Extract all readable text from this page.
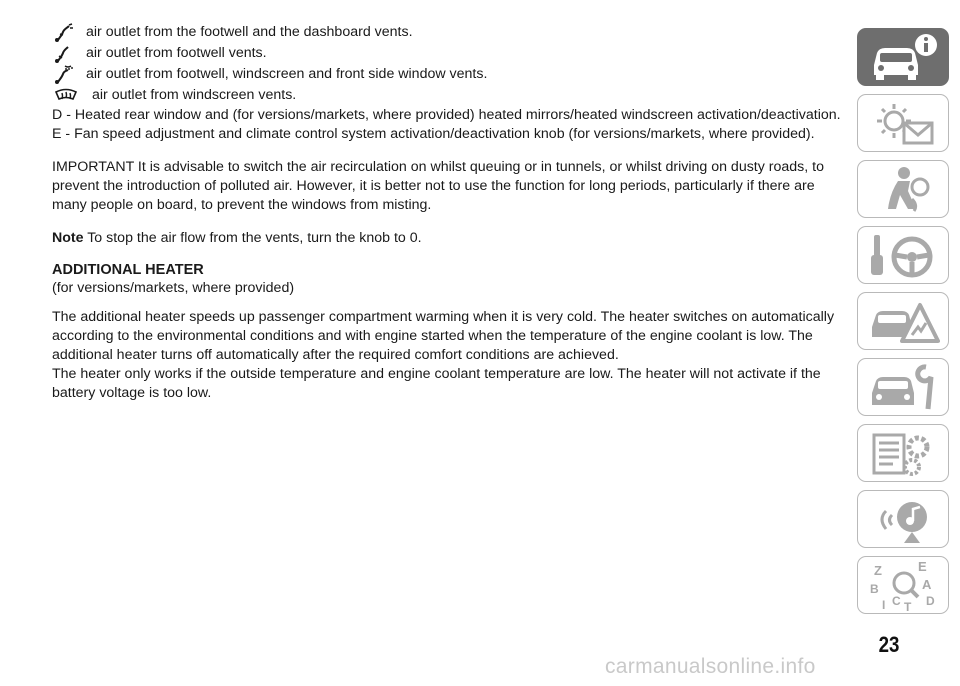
air outlet from the footwell and the dashboard vents.
air outlet from footwell vents.
air outlet from footwell, windscreen and front side window vents.
air outlet from windscreen vents.

D - Heated rear window and (for versions/markets, where provided) heated mirrors/heated windscreen activation/deactivation.

E - Fan speed adjustment and climate control system activation/deactivation knob (for versions/markets, where provided).

IMPORTANT It is advisable to switch the air recirculation on whilst queuing or in tunnels, or whilst driving on dusty roads, to prevent the introduction of polluted air. However, it is better not to use the function for long periods, particularly if there are many people on board, to prevent the windows from misting.

Note To stop the air flow from the vents, turn the knob to 0.

ADDITIONAL HEATER

(for versions/markets, where provided)

The additional heater speeds up passenger compartment warming when it is very cold. The heater switches on automatically according to the environmental conditions and with engine started when the temperature of the engine coolant is low. The additional heater turns off automatically after the required comfort conditions are achieved.

The heater only works if the outside temperature and engine coolant temperature are low. The heater will not activate if the battery voltage is too low.

Z	E
B	A
C D
T
I
23
carmanualsonline.info
